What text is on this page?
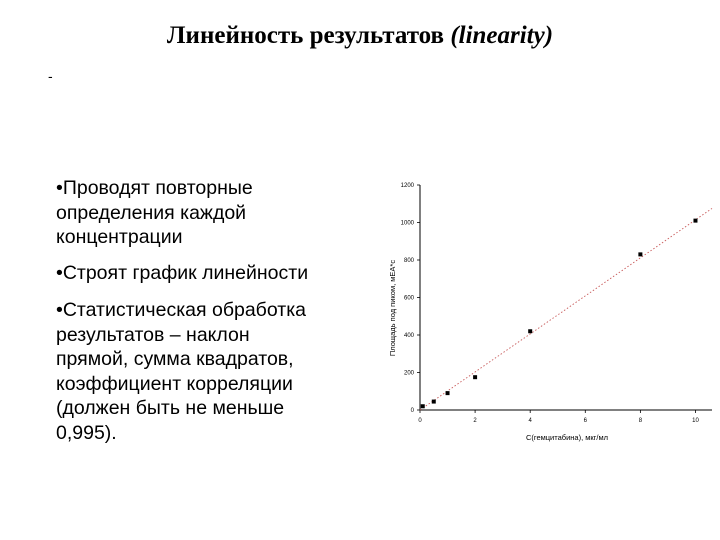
Линейность результатов (linearity)
-
•Проводят повторные
определения каждой
концентрации
•Строят график линейности
•Статистическая обработка
результатов – наклон
прямой, сумма квадратов,
коэффициент корреляции
(должен быть не меньше
0,995).
0
200
400
600
800
1000
1200
0	2	4	6	8	10
С(гемцитабина), мкг/мл
Площадь под пиком, мЕА*с
